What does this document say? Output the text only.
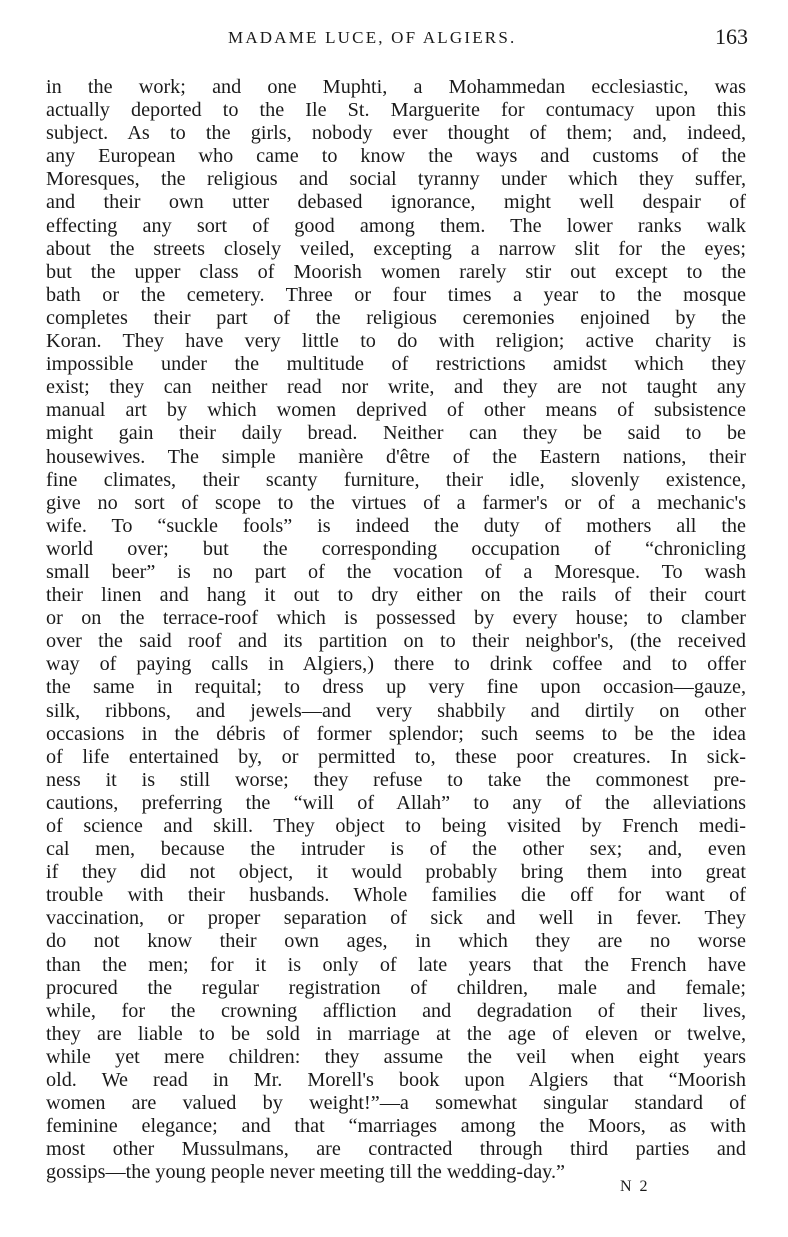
MADAME LUCE, OF ALGIERS.	163
in the work; and one Muphti, a Mohammedan ecclesiastic, was
actually deported to the Ile St. Marguerite for contumacy upon this
subject. As to the girls, nobody ever thought of them; and, indeed,
any European who came to know the ways and customs of the
Moresques, the religious and social tyranny under which they suffer,
and their own utter debased ignorance, might well despair of
effecting any sort of good among them. The lower ranks walk
about the streets closely veiled, excepting a narrow slit for the eyes;
but the upper class of Moorish women rarely stir out except to the
bath or the cemetery. Three or four times a year to the mosque
completes their part of the religious ceremonies enjoined by the
Koran. They have very little to do with religion; active charity is
impossible under the multitude of restrictions amidst which they
exist; they can neither read nor write, and they are not taught any
manual art by which women deprived of other means of subsistence
might gain their daily bread. Neither can they be said to be
housewives. The simple manière d'être of the Eastern nations, their
fine climates, their scanty furniture, their idle, slovenly existence,
give no sort of scope to the virtues of a farmer's or of a mechanic's
wife. To “suckle fools” is indeed the duty of mothers all the
world over; but the corresponding occupation of “chronicling
small beer” is no part of the vocation of a Moresque. To wash
their linen and hang it out to dry either on the rails of their court
or on the terrace-roof which is possessed by every house; to clamber
over the said roof and its partition on to their neighbor's, (the received
way of paying calls in Algiers,) there to drink coffee and to offer
the same in requital; to dress up very fine upon occasion—gauze,
silk, ribbons, and jewels—and very shabbily and dirtily on other
occasions in the débris of former splendor; such seems to be the idea
of life entertained by, or permitted to, these poor creatures. In sick-
ness it is still worse; they refuse to take the commonest pre-
cautions, preferring the “will of Allah” to any of the alleviations
of science and skill. They object to being visited by French medi-
cal men, because the intruder is of the other sex; and, even
if they did not object, it would probably bring them into great
trouble with their husbands. Whole families die off for want of
vaccination, or proper separation of sick and well in fever. They
do not know their own ages, in which they are no worse
than the men; for it is only of late years that the French have
procured the regular registration of children, male and female;
while, for the crowning affliction and degradation of their lives,
they are liable to be sold in marriage at the age of eleven or twelve,
while yet mere children: they assume the veil when eight years
old. We read in Mr. Morell's book upon Algiers that “Moorish
women are valued by weight!”—a somewhat singular standard of
feminine elegance; and that “marriages among the Moors, as with
most other Mussulmans, are contracted through third parties and
gossips—the young people never meeting till the wedding-day.”
N 2
